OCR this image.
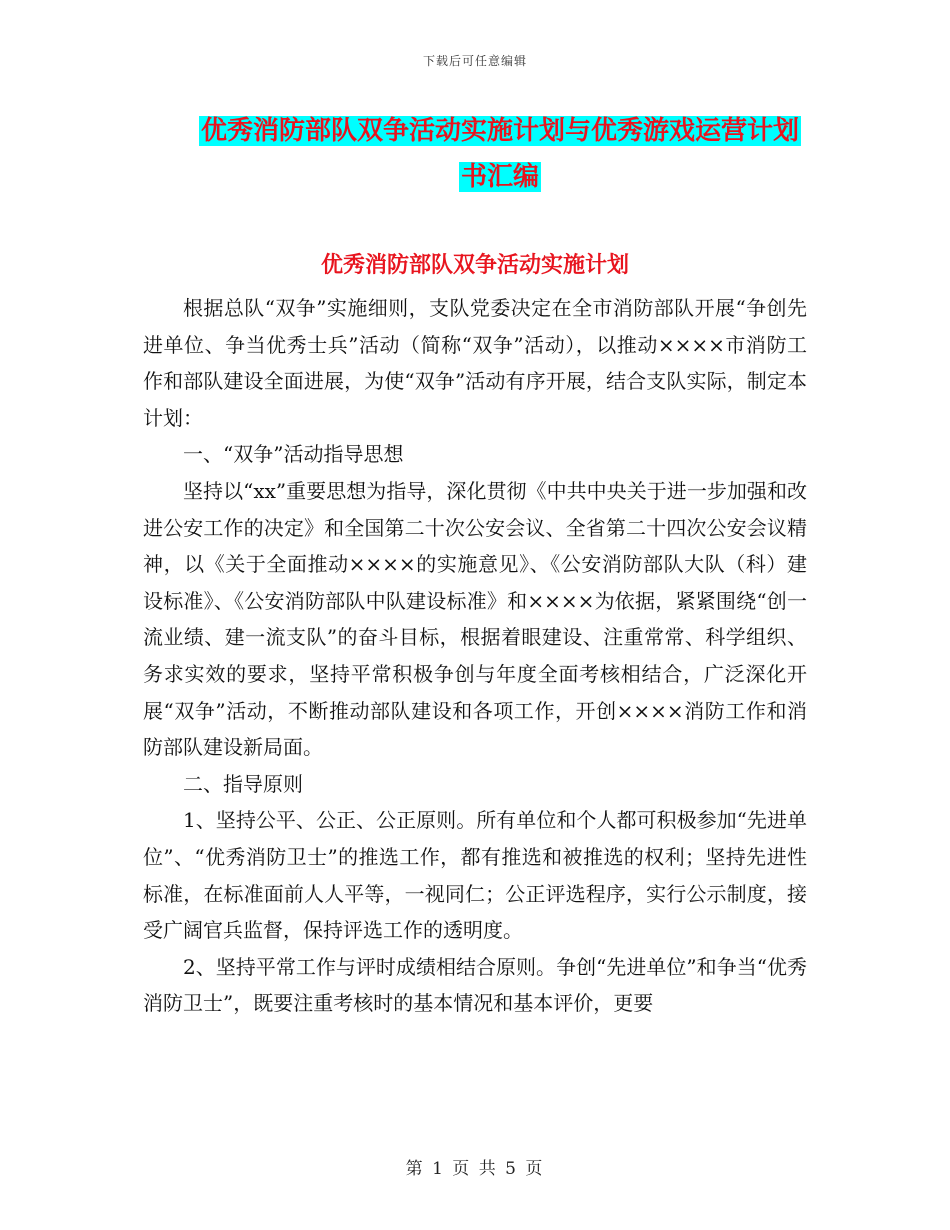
下载后可任意编辑
优秀消防部队双争活动实施计划与优秀游戏运营计划
书汇编
优秀消防部队双争活动实施计划

根据总队“双争”实施细则，支队党委决定在全市消防部队开展“争创先进单位、争当优秀士兵”活动（简称“双争”活动），以推动××××市消防工作和部队建设全面进展，为使“双争”活动有序开展，结合支队实际，制定本计划：

一、“双争”活动指导思想

坚持以“xx”重要思想为指导，深化贯彻《中共中央关于进一步加强和改进公安工作的决定》和全国第二十次公安会议、全省第二十四次公安会议精神，以《关于全面推动××××的实施意见》、《公安消防部队大队（科）建设标准》、《公安消防部队中队建设标准》和××××为依据，紧紧围绕“创一流业绩、建一流支队”的奋斗目标，根据着眼建设、注重常常、科学组织、务求实效的要求，坚持平常积极争创与年度全面考核相结合，广泛深化开展“双争”活动，不断推动部队建设和各项工作，开创××××消防工作和消防部队建设新局面。

二、指导原则

1、坚持公平、公正、公正原则。所有单位和个人都可积极参加“先进单位”、“优秀消防卫士”的推选工作，都有推选和被推选的权利；坚持先进性标准，在标准面前人人平等，一视同仁；公正评选程序，实行公示制度，接受广阔官兵监督，保持评选工作的透明度。

2、坚持平常工作与评时成绩相结合原则。争创“先进单位”和争当“优秀消防卫士”，既要注重考核时的基本情况和基本评价，更要

第 1 页 共 5 页
